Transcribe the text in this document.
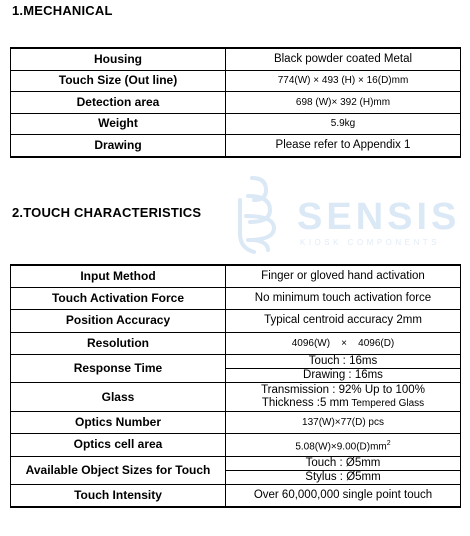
1.MECHANICAL
Housing	Black powder coated Metal
Touch Size (Out line)	774(W) × 493 (H) × 16(D)mm
Detection area	698 (W)× 392 (H)mm
Weight	5.9kg
Drawing	Please refer to Appendix 1
SENSIS
KIOSK COMPONENTS
2.TOUCH CHARACTERISTICS
Input Method	Finger or gloved hand activation
Touch Activation Force	No minimum touch activation force
Position Accuracy	Typical centroid accuracy 2mm
Resolution	4096(W)    ×    4096(D)
Response Time	Touch : 16ms
	Drawing : 16ms
Glass	Transmission : 92% Up to 100%
Thickness :5 mm Tempered Glass

Optics Number	137(W)×77(D) pcs
Optics cell area	$5.08(W)\times 9.00(D)mm^2$
Available Object Sizes for Touch	Touch : Ø5mm
	Stylus : Ø5mm
Touch Intensity	Over 60,000,000 single point touch
